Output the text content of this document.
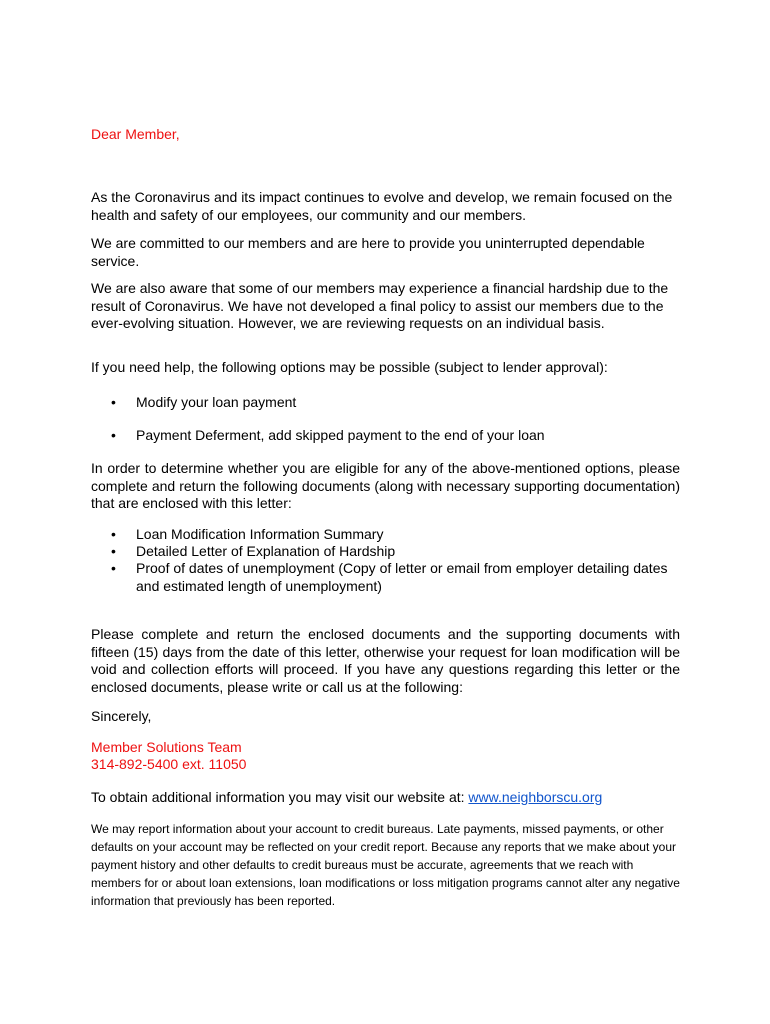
Dear Member,

As the Coronavirus and its impact continues to evolve and develop, we remain focused on the health and safety of our employees, our community and our members.

We are committed to our members and are here to provide you uninterrupted dependable service.

We are also aware that some of our members may experience a financial hardship due to the result of Coronavirus. We have not developed a final policy to assist our members due to the ever-evolving situation. However, we are reviewing requests on an individual basis.

If you need help, the following options may be possible (subject to lender approval):

• Modify your loan payment
• Payment Deferment, add skipped payment to the end of your loan

In order to determine whether you are eligible for any of the above-mentioned options, please complete and return the following documents (along with necessary supporting documentation) that are enclosed with this letter:

• Loan Modification Information Summary
• Detailed Letter of Explanation of Hardship
• Proof of dates of unemployment (Copy of letter or email from employer detailing dates and estimated length of unemployment)

Please complete and return the enclosed documents and the supporting documents with fifteen (15) days from the date of this letter, otherwise your request for loan modification will be void and collection efforts will proceed. If you have any questions regarding this letter or the enclosed documents, please write or call us at the following:

Sincerely,

Member Solutions Team

314-892-5400 ext. 11050

To obtain additional information you may visit our website at: www.neighborscu.org

We may report information about your account to credit bureaus. Late payments, missed payments, or other defaults on your account may be reflected on your credit report. Because any reports that we make about your payment history and other defaults to credit bureaus must be accurate, agreements that we reach with members for or about loan extensions, loan modifications or loss mitigation programs cannot alter any negative information that previously has been reported.
